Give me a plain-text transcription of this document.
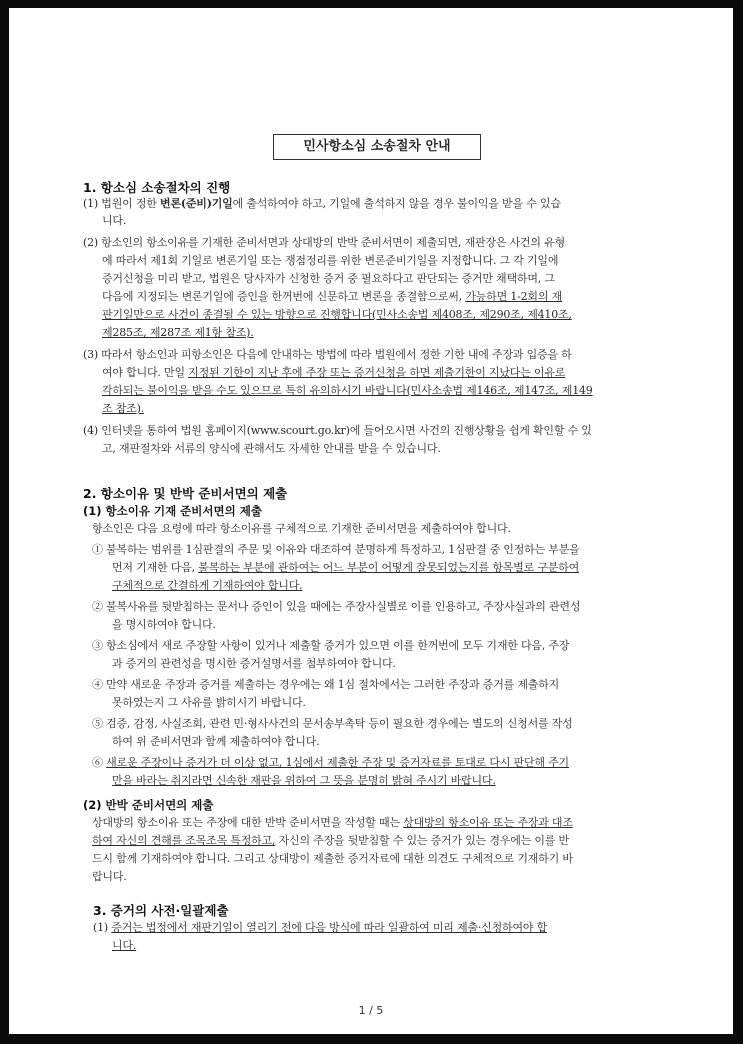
민사항소심 소송절차 안내
1. 항소심 소송절차의 진행
(1) 법원이 정한 변론(준비)기일에 출석하여야 하고, 기일에 출석하지 않을 경우 불이익을 받을 수 있습
니다.
(2) 항소인의 항소이유를 기재한 준비서면과 상대방의 반박 준비서면이 제출되면, 재판장은 사건의 유형
에 따라서 제1회 기일로 변론기일 또는 쟁점정리를 위한 변론준비기일을 지정합니다. 그 각 기일에
증거신청을 미리 받고, 법원은 당사자가 신청한 증거 중 필요하다고 판단되는 증거만 채택하며, 그
다음에 지정되는 변론기일에 증인을 한꺼번에 신문하고 변론을 종결함으로써, 가능하면 1-2회의 재
판기일만으로 사건이 종결될 수 있는 방향으로 진행합니다(민사소송법 제408조, 제290조, 제410조,
제285조, 제287조 제1항 참조).
(3) 따라서 항소인과 피항소인은 다음에 안내하는 방법에 따라 법원에서 정한 기한 내에 주장과 입증을 하
여야 합니다. 만일 지정된 기한이 지난 후에 주장 또는 증거신청을 하면 제출기한이 지났다는 이유로
각하되는 불이익을 받을 수도 있으므로 특히 유의하시기 바랍니다(민사소송법 제146조, 제147조, 제149
조 참조).
(4) 인터넷을 통하여 법원 홈페이지(www.scourt.go.kr)에 들어오시면 사건의 진행상황을 쉽게 확인할 수 있
고, 재판절차와 서류의 양식에 관해서도 자세한 안내를 받을 수 있습니다.
2. 항소이유 및 반박 준비서면의 제출
(1) 항소이유 기재 준비서면의 제출
항소인은 다음 요령에 따라 항소이유를 구체적으로 기재한 준비서면을 제출하여야 합니다.
① 불복하는 범위를 1심판결의 주문 및 이유와 대조하여 분명하게 특정하고, 1심판결 중 인정하는 부분을
먼저 기재한 다음, 불복하는 부분에 관하여는 어느 부분이 어떻게 잘못되었는지를 항목별로 구분하여
구체적으로 간결하게 기재하여야 합니다.
② 불복사유를 뒷받침하는 문서나 증인이 있을 때에는 주장사실별로 이를 인용하고, 주장사실과의 관련성
을 명시하여야 합니다.
③ 항소심에서 새로 주장할 사항이 있거나 제출할 증거가 있으면 이를 한꺼번에 모두 기재한 다음, 주장
과 증거의 관련성을 명시한 증거설명서를 첨부하여야 합니다.
④ 만약 새로운 주장과 증거를 제출하는 경우에는 왜 1심 절차에서는 그러한 주장과 증거를 제출하지
못하였는지 그 사유를 밝히시기 바랍니다.
⑤ 검증, 감정, 사실조회, 관련 민·형사사건의 문서송부촉탁 등이 필요한 경우에는 별도의 신청서를 작성
하여 위 준비서면과 함께 제출하여야 합니다.
⑥ 새로운 주장이나 증거가 더 이상 없고, 1심에서 제출한 주장 및 증거자료를 토대로 다시 판단해 주기
만을 바라는 취지라면 신속한 재판을 위하여 그 뜻을 분명히 밝혀 주시기 바랍니다.
(2) 반박 준비서면의 제출
상대방의 항소이유 또는 주장에 대한 반박 준비서면을 작성할 때는 상대방의 항소이유 또는 주장과 대조
하여 자신의 견해를 조목조목 특정하고, 자신의 주장을 뒷받침할 수 있는 증거가 있는 경우에는 이를 반
드시 함께 기재하여야 합니다. 그리고 상대방이 제출한 증거자료에 대한 의견도 구체적으로 기재하기 바
랍니다.
3. 증거의 사전·일괄제출
(1) 증거는 법정에서 재판기일이 열리기 전에 다음 방식에 따라 일괄하여 미리 제출·신청하여야 합
니다.
1 / 5
